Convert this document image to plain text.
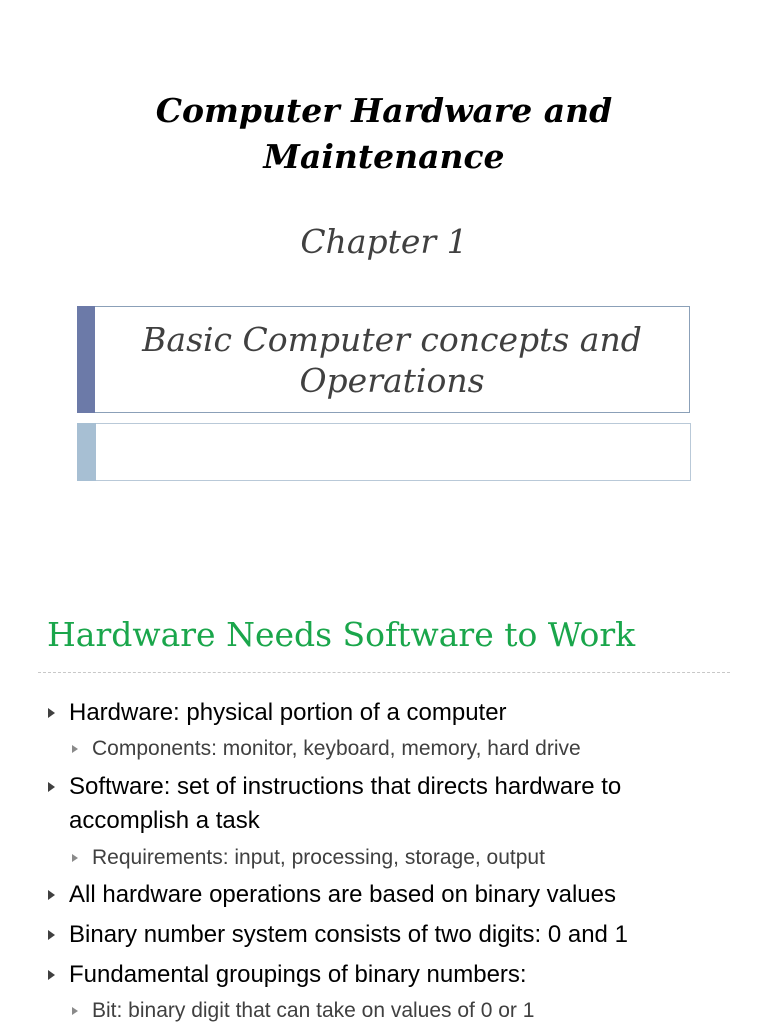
Computer Hardware and
Maintenance
Chapter 1
Basic Computer concepts and
Operations
Hardware Needs Software to Work
Hardware: physical portion of a computer
Components: monitor, keyboard, memory, hard drive
Software: set of instructions that directs hardware to
accomplish a task
Requirements: input, processing, storage, output
All hardware operations are based on binary values
Binary number system consists of two digits: 0 and 1
Fundamental groupings of binary numbers:
Bit: binary digit that can take on values of 0 or 1
